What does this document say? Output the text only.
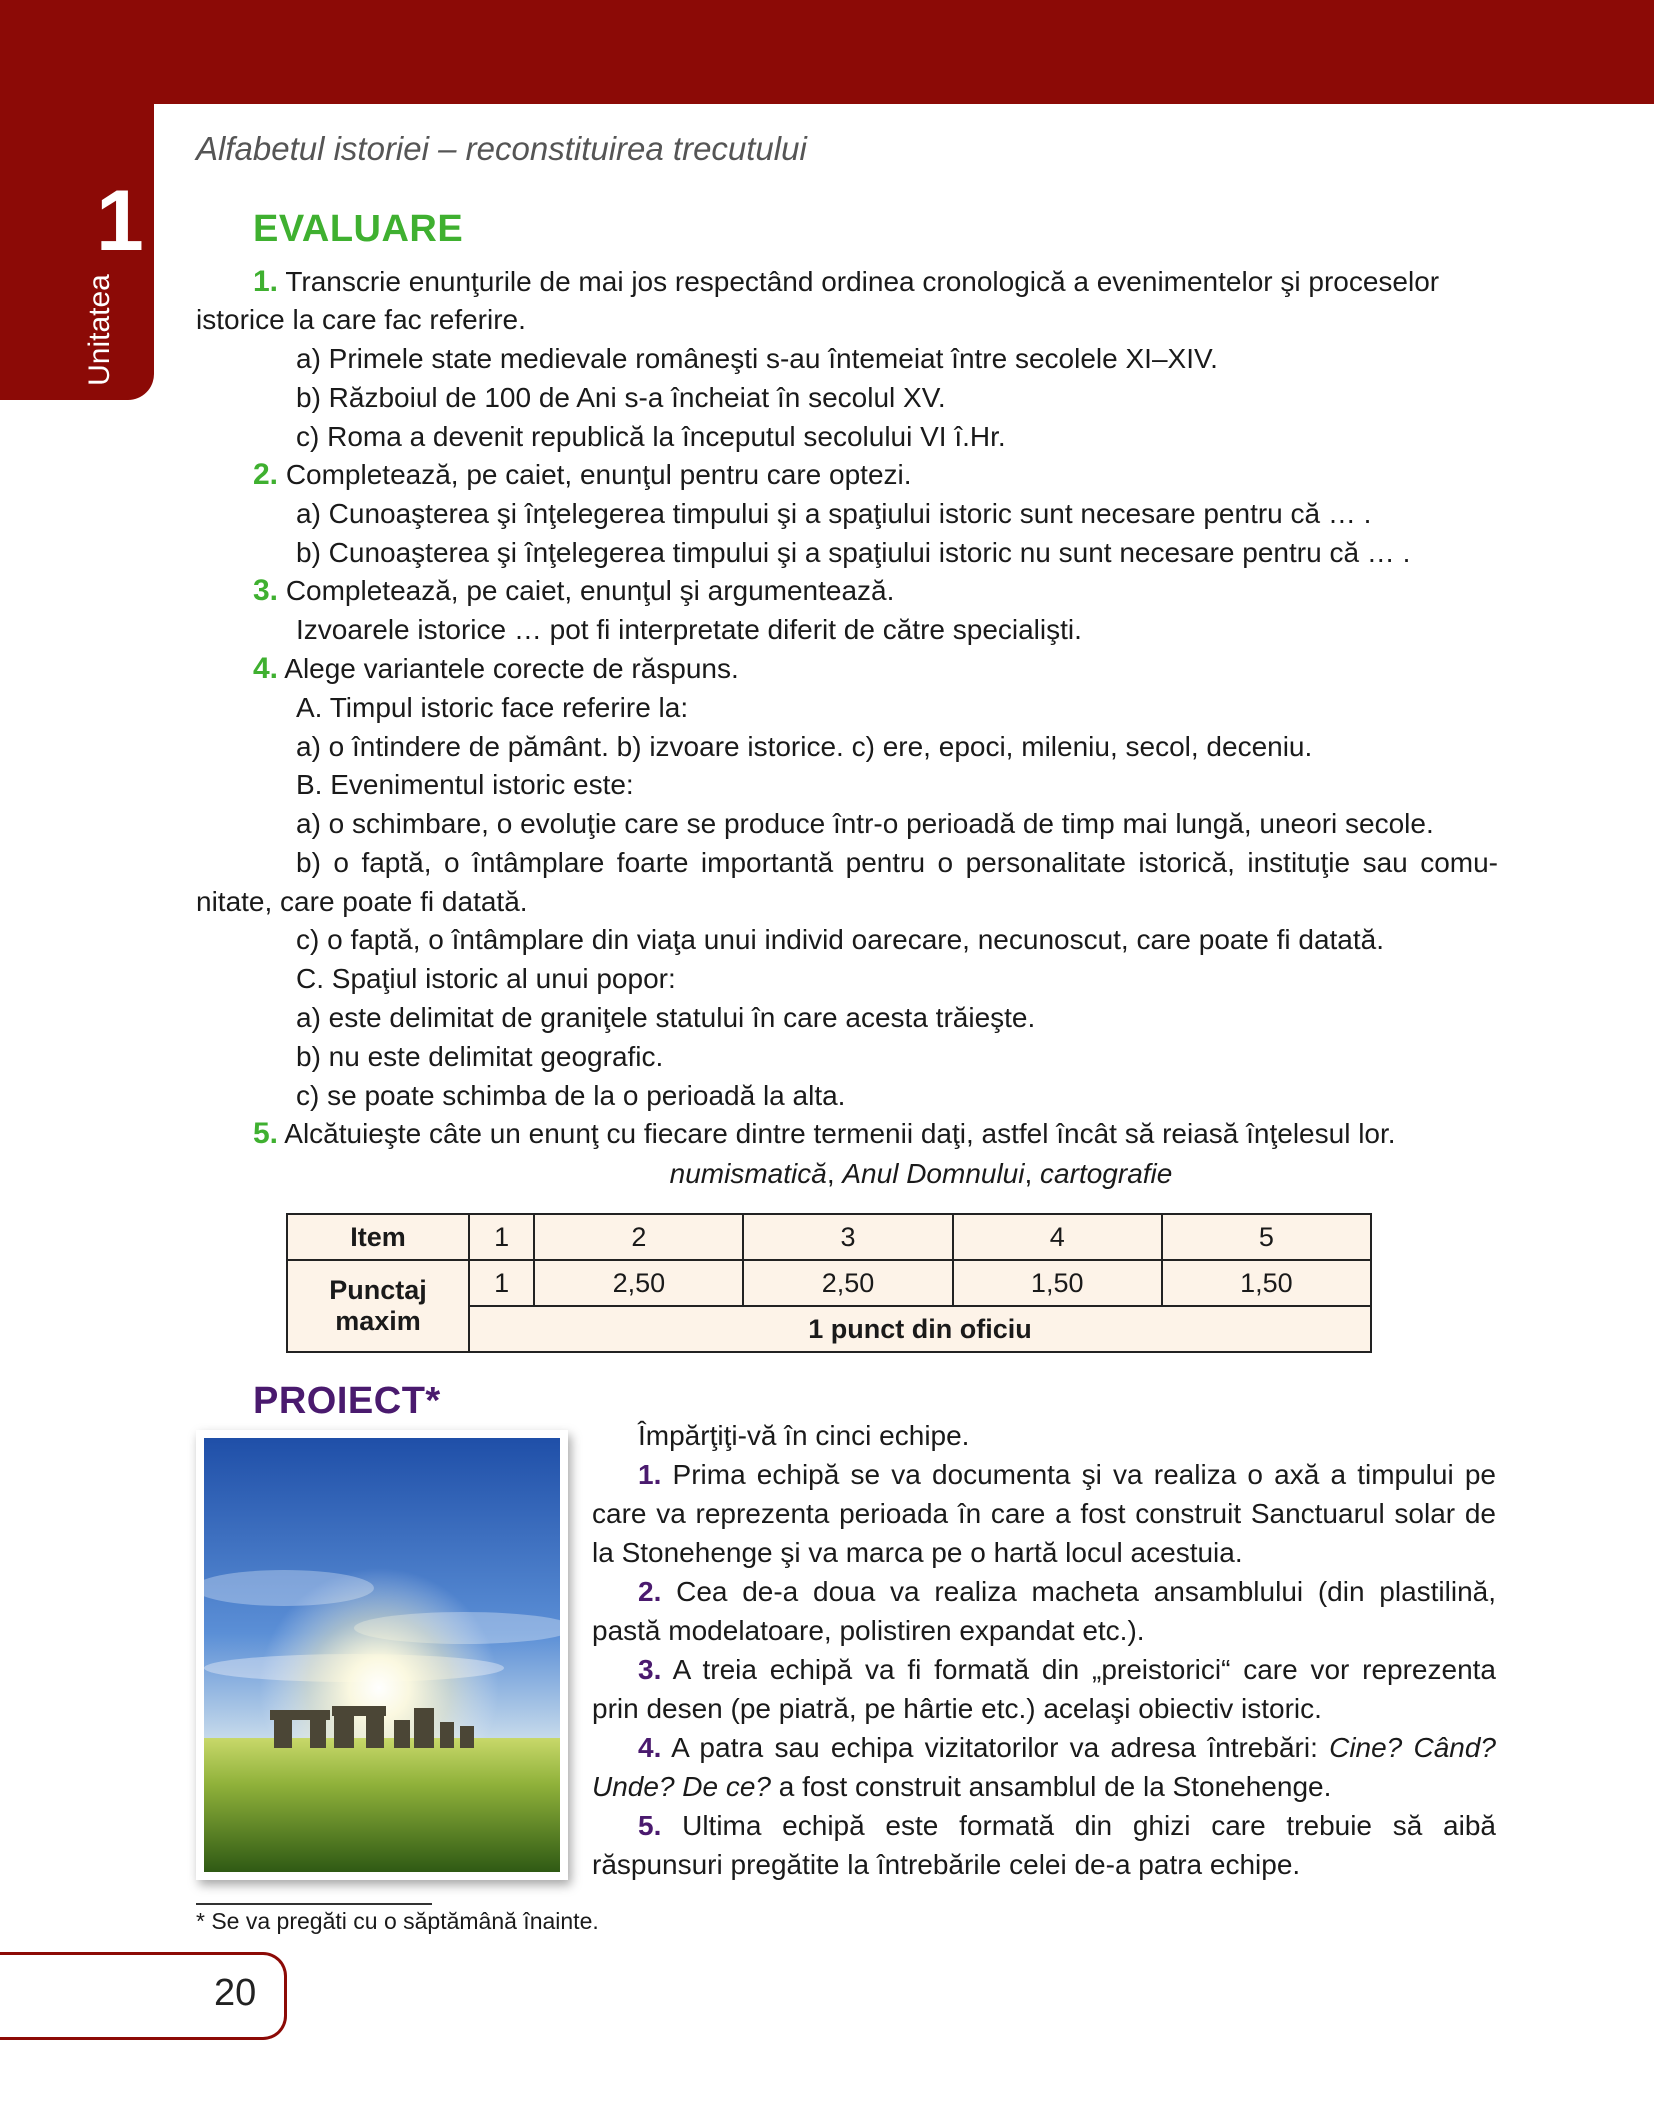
1
Unitatea
Alfabetul istoriei – reconstituirea trecutului
EVALUARE
1. Transcrie enunţurile de mai jos respectând ordinea cronologică a evenimentelor şi proceselor
istorice la care fac referire.
a) Primele state medievale româneşti s-au întemeiat între secolele XI–XIV.
b) Războiul de 100 de Ani s-a încheiat în secolul XV.
c) Roma a devenit republică la începutul secolului VI î.Hr.
2. Completează, pe caiet, enunţul pentru care optezi.
a) Cunoaşterea şi înţelegerea timpului şi a spaţiului istoric sunt necesare pentru că … .
b) Cunoaşterea şi înţelegerea timpului şi a spaţiului istoric nu sunt necesare pentru că … .
3. Completează, pe caiet, enunţul şi argumentează.
Izvoarele istorice … pot fi interpretate diferit de către specialişti.
4. Alege variantele corecte de răspuns.
A. Timpul istoric face referire la:
a) o întindere de pământ. b) izvoare istorice. c) ere, epoci, mileniu, secol, deceniu.
B. Evenimentul istoric este:
a) o schimbare, o evoluţie care se produce într-o perioadă de timp mai lungă, uneori secole.
b) o faptă, o întâmplare foarte importantă pentru o personalitate istorică, instituţie sau comu-
nitate, care poate fi datată.
c) o faptă, o întâmplare din viaţa unui individ oarecare, necunoscut, care poate fi datată.
C. Spaţiul istoric al unui popor:
a) este delimitat de graniţele statului în care acesta trăieşte.
b) nu este delimitat geografic.
c) se poate schimba de la o perioadă la alta.
5. Alcătuieşte câte un enunţ cu fiecare dintre termenii daţi, astfel încât să reiasă înţelesul lor.
numismatică, Anul Domnului, cartografie
Item	1	2	3	4	5
Punctaj maxim	1	2,50	2,50	1,50	1,50
	1 punct din oficiu				
PROIECT*
Împărţiţi-vă în cinci echipe.
1. Prima echipă se va documenta şi va realiza o axă a timpului pe
care va reprezenta perioada în care a fost construit Sanctuarul solar de
la Stonehenge şi va marca pe o hartă locul acestuia.
2. Cea de-a doua va realiza macheta ansamblului (din plastilină,
pastă modelatoare, polistiren expandat etc.).
3. A treia echipă va fi formată din „preistorici“ care vor reprezenta
prin desen (pe piatră, pe hârtie etc.) acelaşi obiectiv istoric.
4. A patra sau echipa vizitatorilor va adresa întrebări: Cine? Când?
Unde? De ce? a fost construit ansamblul de la Stonehenge.
5. Ultima echipă este formată din ghizi care trebuie să aibă
răspunsuri pregătite la întrebările celei de-a patra echipe.
* Se va pregăti cu o săptămână înainte.
20
